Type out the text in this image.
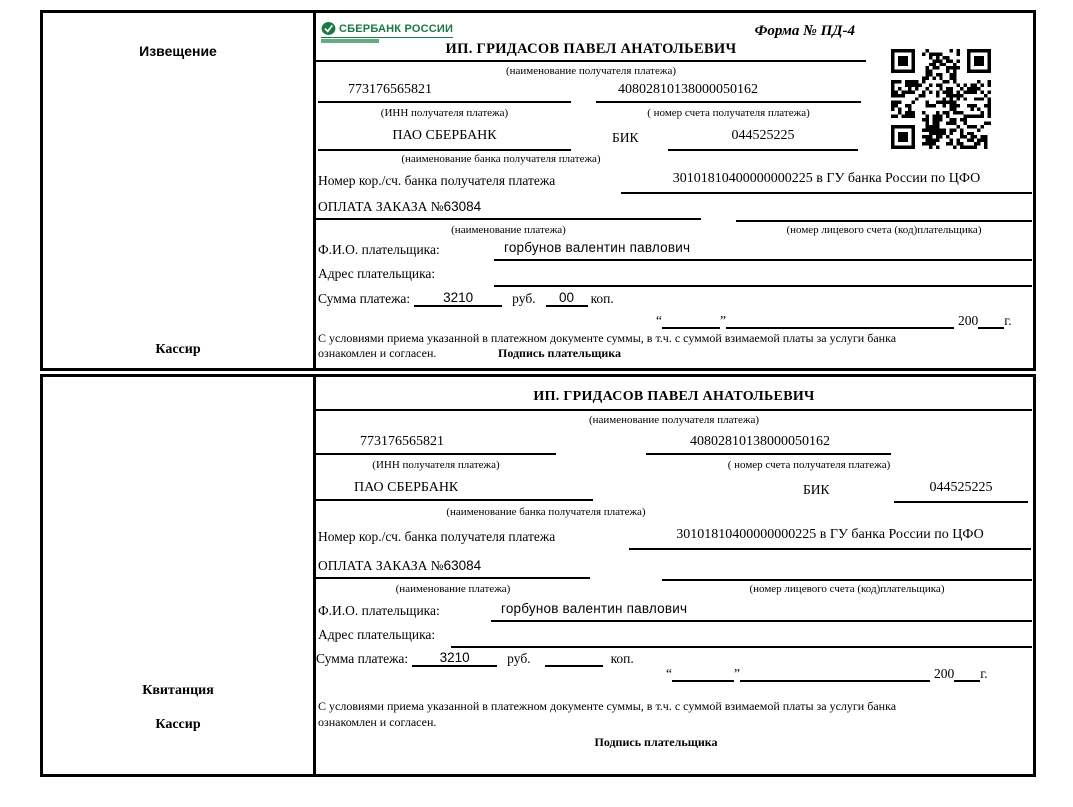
Извещение
Кассир
СБЕРБАНК РОССИИ	Форма № ПД-4
ИП. ГРИДАСОВ ПАВЕЛ АНАТОЛЬЕВИЧ
(наименование получателя платежа)
773176565821	40802810138000050162
(ИНН получателя платежа)	( номер счета получателя платежа)
ПАО СБЕРБАНК	БИК	044525225
(наименование банка получателя платежа)
Номер кор./сч. банка получателя платежа	30101810400000000225 в ГУ банка России по ЦФО
ОПЛАТА ЗАКАЗА №63084
(наименование платежа)	(номер лицевого счета (код)плательщика)
Ф.И.О. плательщика:	горбунов валентин павлович
Адрес плательщика:
Сумма платежа:	3210	руб.	00	коп.
“	”	200 г.
С условиями приема указанной в платежном документе суммы, в т.ч. с суммой взимаемой платы за услуги банка
ознакомлен и согласен.	Подпись плательщика
Квитанция
Кассир
ИП. ГРИДАСОВ ПАВЕЛ АНАТОЛЬЕВИЧ
(наименование получателя платежа)
773176565821	40802810138000050162
(ИНН получателя платежа)	( номер счета получателя платежа)
ПАО СБЕРБАНК	БИК	044525225
(наименование банка получателя платежа)
Номер кор./сч. банка получателя платежа	30101810400000000225 в ГУ банка России по ЦФО
ОПЛАТА ЗАКАЗА №63084
(наименование платежа)	(номер лицевого счета (код)плательщика)
Ф.И.О. плательщика:	горбунов валентин павлович
Адрес плательщика:
Сумма платежа:	3210	руб.	коп.
“	”	200 г.
С условиями приема указанной в платежном документе суммы, в т.ч. с суммой взимаемой платы за услуги банка
ознакомлен и согласен.
Подпись плательщика
